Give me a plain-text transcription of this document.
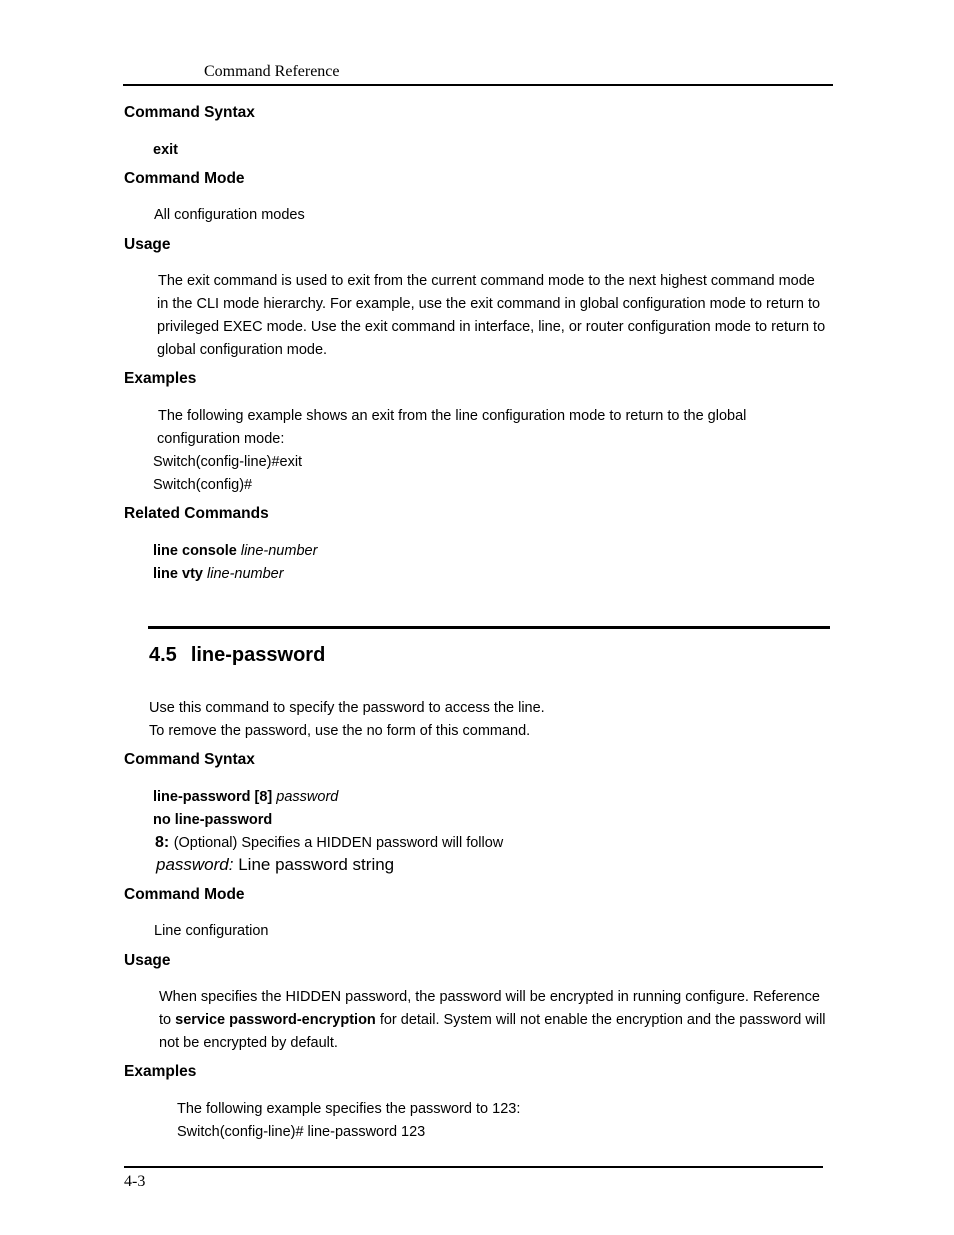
Command Reference
Command Syntax
exit
Command Mode
All configuration modes
Usage
The exit command is used to exit from the current command mode to the next highest command mode
in the CLI mode hierarchy. For example, use the exit command in global configuration mode to return to
privileged EXEC mode. Use the exit command in interface, line, or router configuration mode to return to
global configuration mode.
Examples
The following example shows an exit from the line configuration mode to return to the global
configuration mode:
Switch(config-line)#exit
Switch(config)#
Related Commands
line console line-number
line vty line-number
4.5 line-password
Use this command to specify the password to access the line.
To remove the password, use the no form of this command.
Command Syntax
line-password [8] password
no line-password
8: (Optional) Specifies a HIDDEN password will follow
password: Line password string
Command Mode
Line configuration
Usage
When specifies the HIDDEN password, the password will be encrypted in running configure. Reference
to service password-encryption for detail. System will not enable the encryption and the password will
not be encrypted by default.
Examples
The following example specifies the password to 123:
Switch(config-line)# line-password 123
4-3
